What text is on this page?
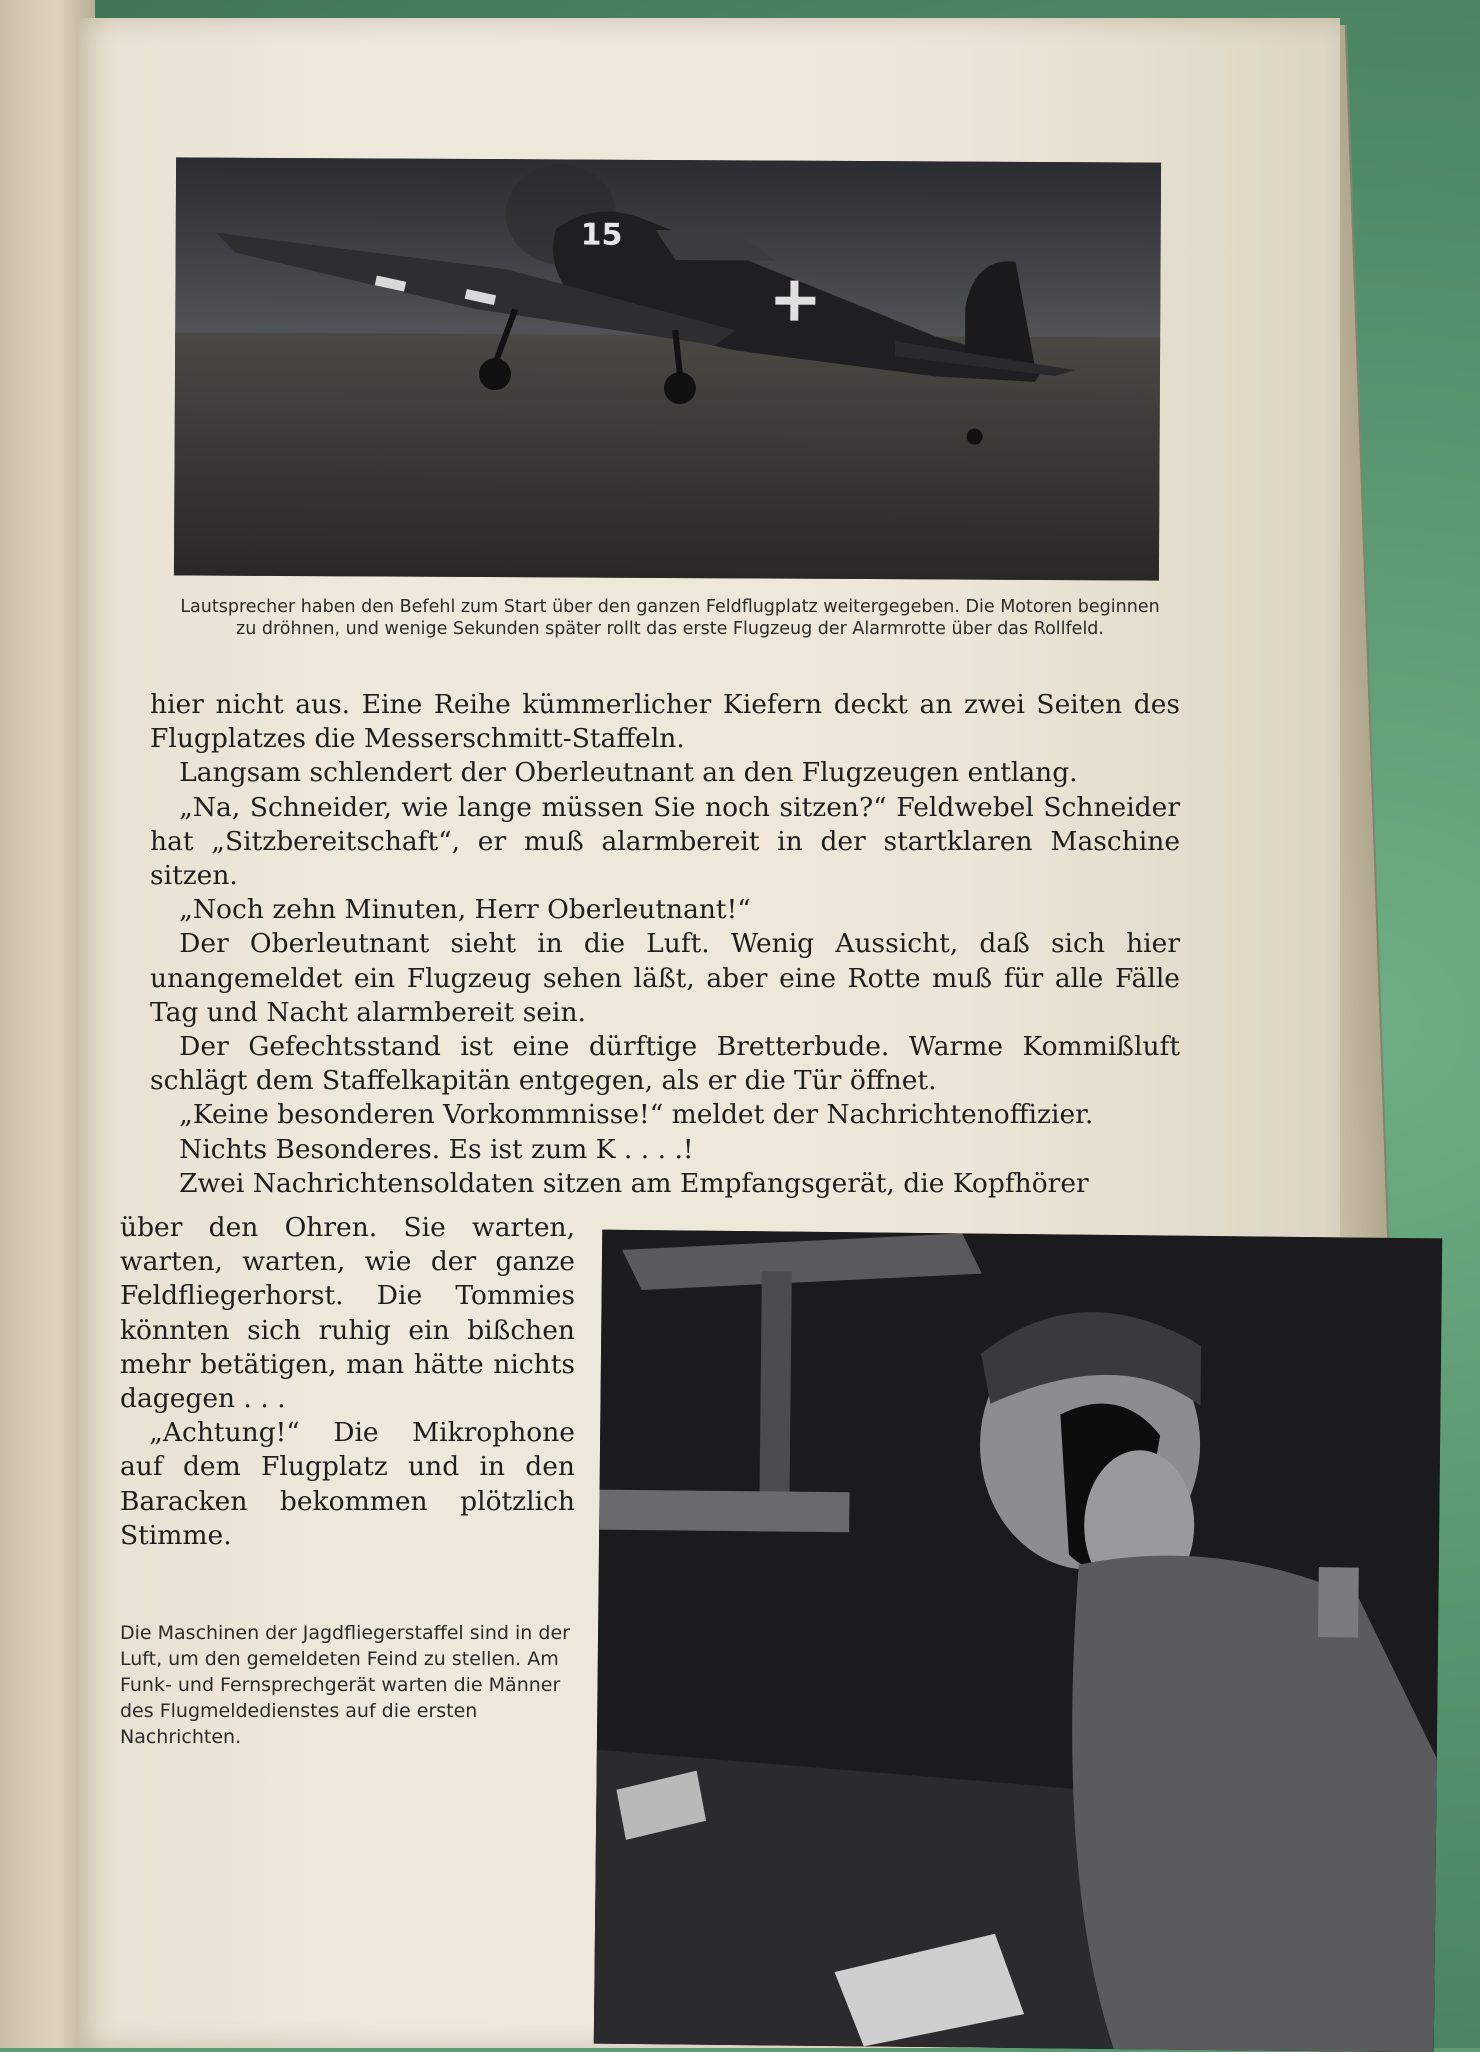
15
Lautsprecher haben den Befehl zum Start über den ganzen Feldflugplatz weitergegeben. Die Motoren beginnen zu dröhnen, und wenige Sekunden später rollt das erste Flugzeug der Alarmrotte über das Rollfeld.

hier nicht aus. Eine Reihe kümmerlicher Kiefern deckt an zwei Seiten des Flugplatzes die Messerschmitt-Staffeln.

Langsam schlendert der Oberleutnant an den Flugzeugen entlang.

„Na, Schneider, wie lange müssen Sie noch sitzen?“ Feldwebel Schneider hat „Sitzbereitschaft“, er muß alarmbereit in der startklaren Maschine sitzen.

„Noch zehn Minuten, Herr Oberleutnant!“

Der Oberleutnant sieht in die Luft. Wenig Aussicht, daß sich hier unangemeldet ein Flugzeug sehen läßt, aber eine Rotte muß für alle Fälle Tag und Nacht alarmbereit sein.

Der Gefechtsstand ist eine dürftige Bretterbude. Warme Kommißluft schlägt dem Staffelkapitän entgegen, als er die Tür öffnet.

„Keine besonderen Vorkommnisse!“ meldet der Nachrichtenoffizier.

Nichts Besonderes. Es ist zum K . . . .!

Zwei Nachrichtensoldaten sitzen am Empfangsgerät, die Kopfhörer

über den Ohren. Sie warten, warten, warten, wie der ganze Feldfliegerhorst. Die Tommies könnten sich ruhig ein bißchen mehr betätigen, man hätte nichts dagegen . . .

„Achtung!“ Die Mikrophone auf dem Flugplatz und in den Baracken bekommen plötzlich Stimme.

Die Maschinen der Jagdfliegerstaffel sind in der Luft, um den gemeldeten Feind zu stellen. Am Funk- und Fernsprechgerät warten die Männer des Flugmeldedienstes auf die ersten Nachrichten.
